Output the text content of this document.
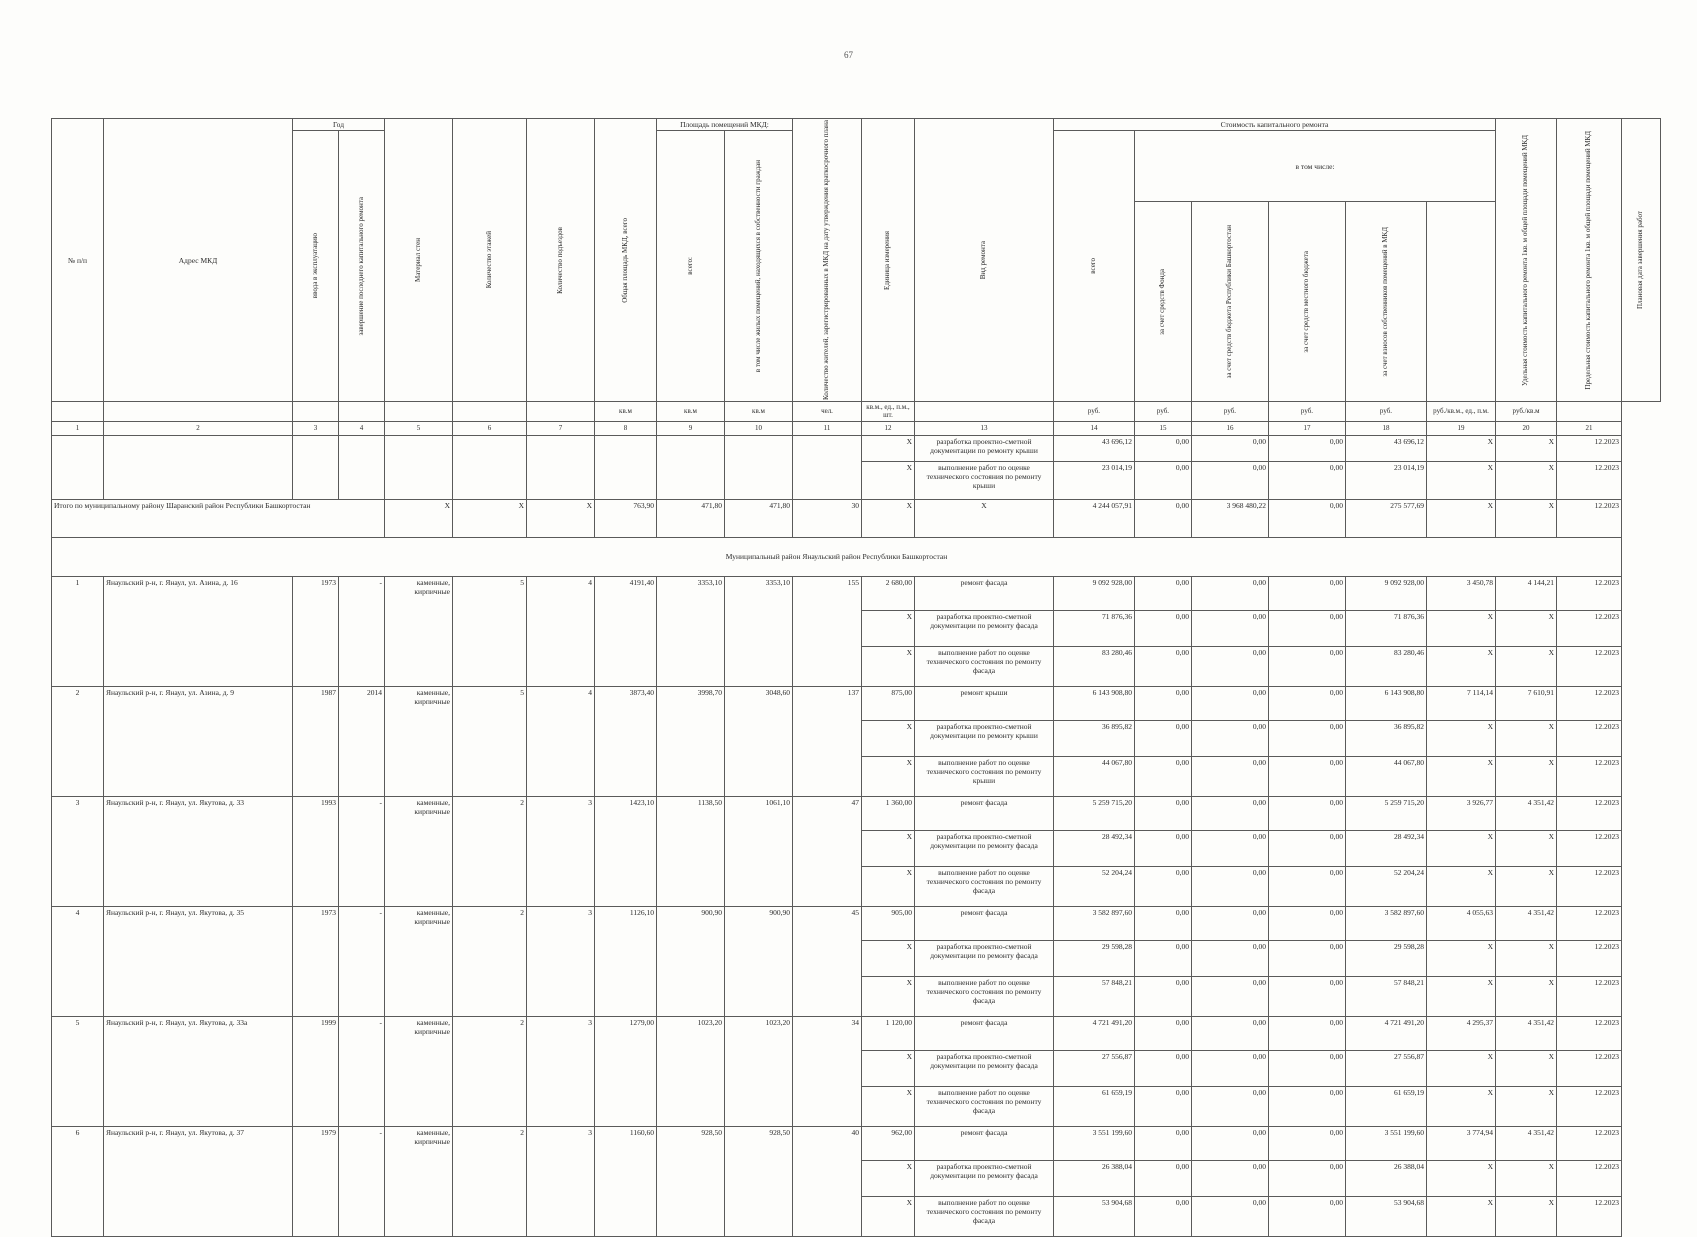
67
№ п/п	Адрес МКД	Год		Материал стен	Количество этажей	Количество подъездов	Общая площадь МКД, всего	Площадь помещений МКД:		Количество жителей, зарегистрированных в МКД на дату утверждения краткосрочного плана	Единица измерения	Вид ремонта	Стоимость капитального ремонта						Удельная стоимость капитального ремонта 1кв. м общей площади помещений МКД	Предельная стоимость капитального ремонта 1кв. м общей площади помещений МКД	Плановая дата завершения работ

		ввода в эксплуатацию	завершение последнего капитального ремонта					всего:	в том числе жилых помещений, находящихся в собственности граждан				всего	в том числе:							

														за счет средств Фонда	за счет средств бюджета Республики Башкортостан	за счет средств местного бюджета	за счет взносов собственников помещений в МКД				

							кв.м	кв.м	кв.м	чел.	кв.м., ед., п.м., шт.		руб.	руб.	руб.	руб.	руб.	руб./кв.м., ед., п.м.	руб./кв.м		
1	2	3	4	5	6	7	8	9	10	11	12	13	14	15	16	17	18	19	20	21	
											X	разработка проектно-сметной документации по ремонту крыши	43 696,12	0,00	0,00	0,00	43 696,12	X	X	12.2023	
											X	выполнение работ по оценке технического состояния по ремонту крыши	23 014,19	0,00	0,00	0,00	23 014,19	X	X	12.2023	
Итого по муниципальному району Шаранский район Республики Башкортостан				X	X	X	763,90	471,80	471,80	30	X	X	4 244 057,91	0,00	3 968 480,22	0,00	275 577,69	X	X	12.2023	
Муниципальный район Янаульский район Республики Башкортостан																					
1	Янаульский р-н, г. Янаул, ул. Азина, д. 16	1973	-	каменные, кирпичные	5	4	4191,40	3353,10	3353,10	155	2 680,00	ремонт фасада	9 092 928,00	0,00	0,00	0,00	9 092 928,00	3 450,78	4 144,21	12.2023	
											X	разработка проектно-сметной документации по ремонту фасада	71 876,36	0,00	0,00	0,00	71 876,36	X	X	12.2023	
											X	выполнение работ по оценке технического состояния по ремонту фасада	83 280,46	0,00	0,00	0,00	83 280,46	X	X	12.2023	
2	Янаульский р-н, г. Янаул, ул. Азина, д. 9	1987	2014	каменные, кирпичные	5	4	3873,40	3998,70	3048,60	137	875,00	ремонт крыши	6 143 908,80	0,00	0,00	0,00	6 143 908,80	7 114,14	7 610,91	12.2023	
											X	разработка проектно-сметной документации по ремонту крыши	36 895,82	0,00	0,00	0,00	36 895,82	X	X	12.2023	
											X	выполнение работ по оценке технического состояния по ремонту крыши	44 067,80	0,00	0,00	0,00	44 067,80	X	X	12.2023	
3	Янаульский р-н, г. Янаул, ул. Якутова, д. 33	1993	-	каменные, кирпичные	2	3	1423,10	1138,50	1061,10	47	1 360,00	ремонт фасада	5 259 715,20	0,00	0,00	0,00	5 259 715,20	3 926,77	4 351,42	12.2023	
											X	разработка проектно-сметной документации по ремонту фасада	28 492,34	0,00	0,00	0,00	28 492,34	X	X	12.2023	
											X	выполнение работ по оценке технического состояния по ремонту фасада	52 204,24	0,00	0,00	0,00	52 204,24	X	X	12.2023	
4	Янаульский р-н, г. Янаул, ул. Якутова, д. 35	1973	-	каменные, кирпичные	2	3	1126,10	900,90	900,90	45	905,00	ремонт фасада	3 582 897,60	0,00	0,00	0,00	3 582 897,60	4 055,63	4 351,42	12.2023	
											X	разработка проектно-сметной документации по ремонту фасада	29 598,28	0,00	0,00	0,00	29 598,28	X	X	12.2023	
											X	выполнение работ по оценке технического состояния по ремонту фасада	57 848,21	0,00	0,00	0,00	57 848,21	X	X	12.2023	
5	Янаульский р-н, г. Янаул, ул. Якутова, д. 33а	1999	-	каменные, кирпичные	2	3	1279,00	1023,20	1023,20	34	1 120,00	ремонт фасада	4 721 491,20	0,00	0,00	0,00	4 721 491,20	4 295,37	4 351,42	12.2023	
											X	разработка проектно-сметной документации по ремонту фасада	27 556,87	0,00	0,00	0,00	27 556,87	X	X	12.2023	
											X	выполнение работ по оценке технического состояния по ремонту фасада	61 659,19	0,00	0,00	0,00	61 659,19	X	X	12.2023	
6	Янаульский р-н, г. Янаул, ул. Якутова, д. 37	1979	-	каменные, кирпичные	2	3	1160,60	928,50	928,50	40	962,00	ремонт фасада	3 551 199,60	0,00	0,00	0,00	3 551 199,60	3 774,94	4 351,42	12.2023	
											X	разработка проектно-сметной документации по ремонту фасада	26 388,04	0,00	0,00	0,00	26 388,04	X	X	12.2023	
											X	выполнение работ по оценке технического состояния по ремонту фасада	53 904,68	0,00	0,00	0,00	53 904,68	X	X	12.2023	
